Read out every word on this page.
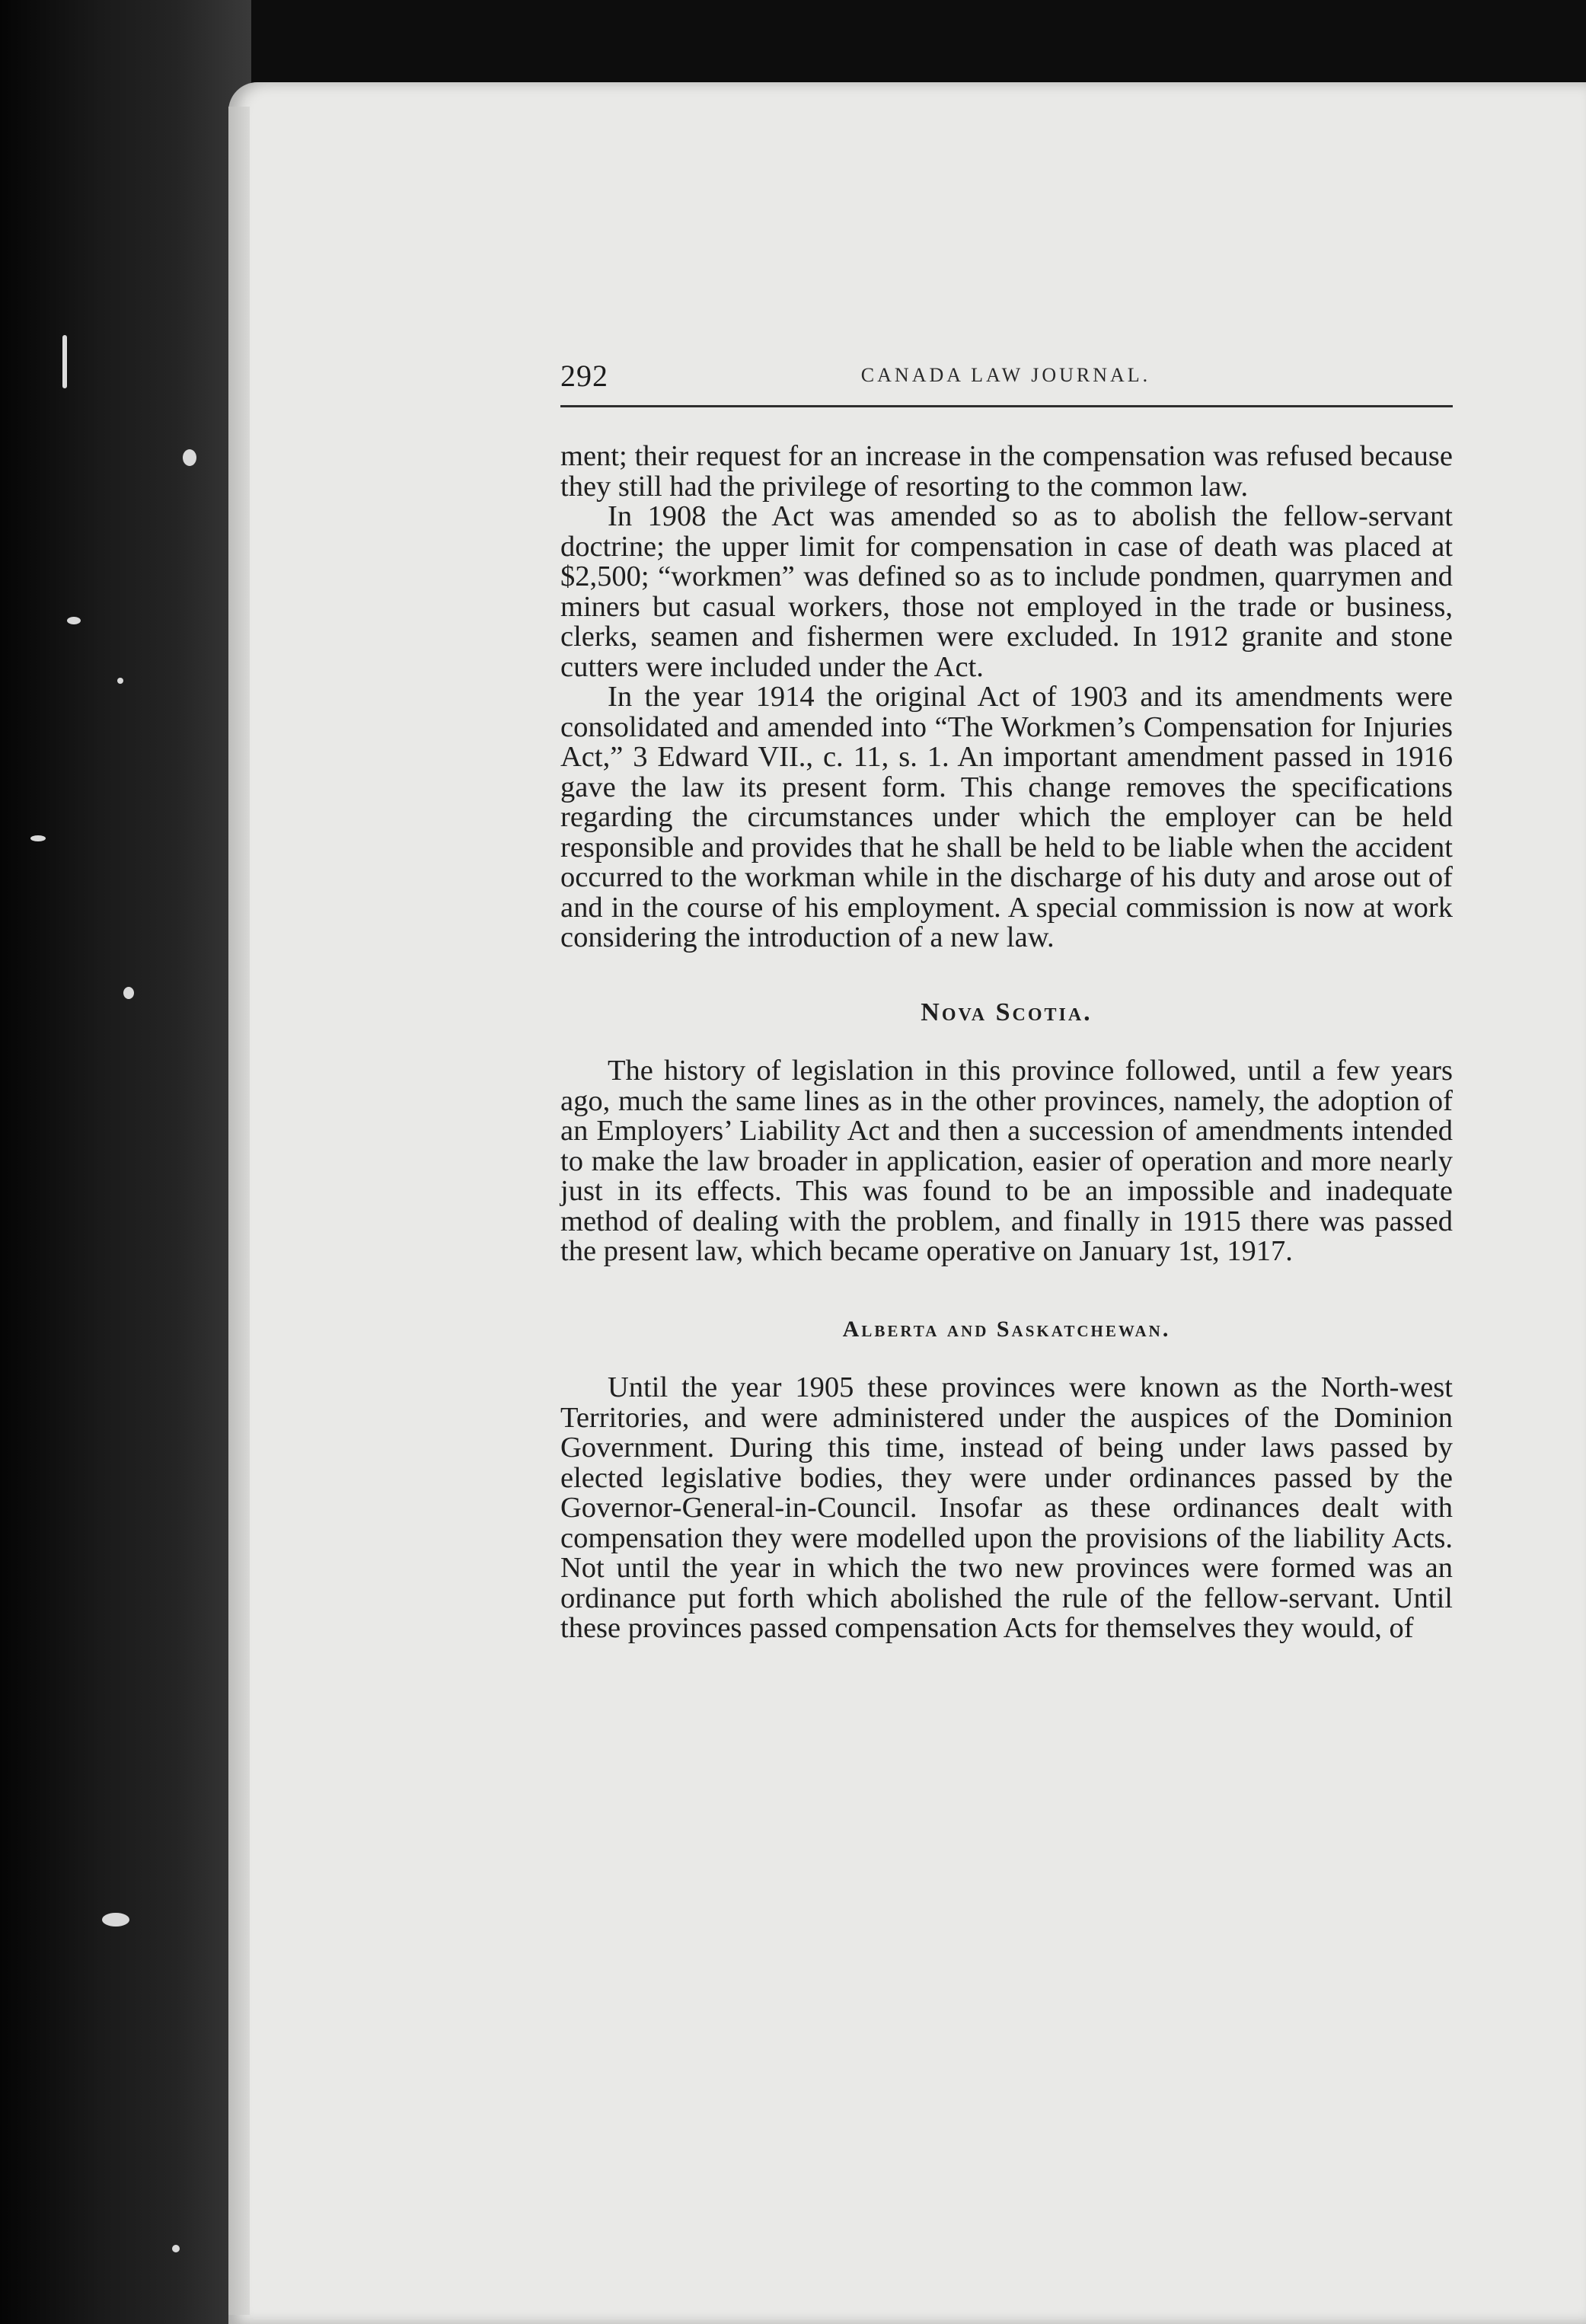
292	CANADA LAW JOURNAL.

ment; their request for an increase in the compensation was refused because they still had the privilege of resorting to the common law.

In 1908 the Act was amended so as to abolish the fellow-servant doctrine; the upper limit for compensation in case of death was placed at $2,500; “workmen” was defined so as to include pondmen, quarrymen and miners but casual workers, those not employed in the trade or business, clerks, seamen and fishermen were excluded. In 1912 granite and stone cutters were included under the Act.

In the year 1914 the original Act of 1903 and its amendments were consolidated and amended into “The Workmen’s Compensation for Injuries Act,” 3 Edward VII., c. 11, s. 1. An important amendment passed in 1916 gave the law its present form. This change removes the specifications regarding the circumstances under which the employer can be held responsible and provides that he shall be held to be liable when the accident occurred to the workman while in the discharge of his duty and arose out of and in the course of his employment. A special commission is now at work considering the introduction of a new law.

Nova Scotia.

The history of legislation in this province followed, until a few years ago, much the same lines as in the other provinces, namely, the adoption of an Employers’ Liability Act and then a succession of amendments intended to make the law broader in application, easier of operation and more nearly just in its effects. This was found to be an impossible and inadequate method of dealing with the problem, and finally in 1915 there was passed the present law, which became operative on January 1st, 1917.

Alberta and Saskatchewan.

Until the year 1905 these provinces were known as the North-west Territories, and were administered under the auspices of the Dominion Government. During this time, instead of being under laws passed by elected legislative bodies, they were under ordinances passed by the Governor-General-in-Council. Insofar as these ordinances dealt with compensation they were modelled upon the provisions of the liability Acts. Not until the year in which the two new provinces were formed was an ordinance put forth which abolished the rule of the fellow-servant. Until these provinces passed compensation Acts for themselves they would, of
